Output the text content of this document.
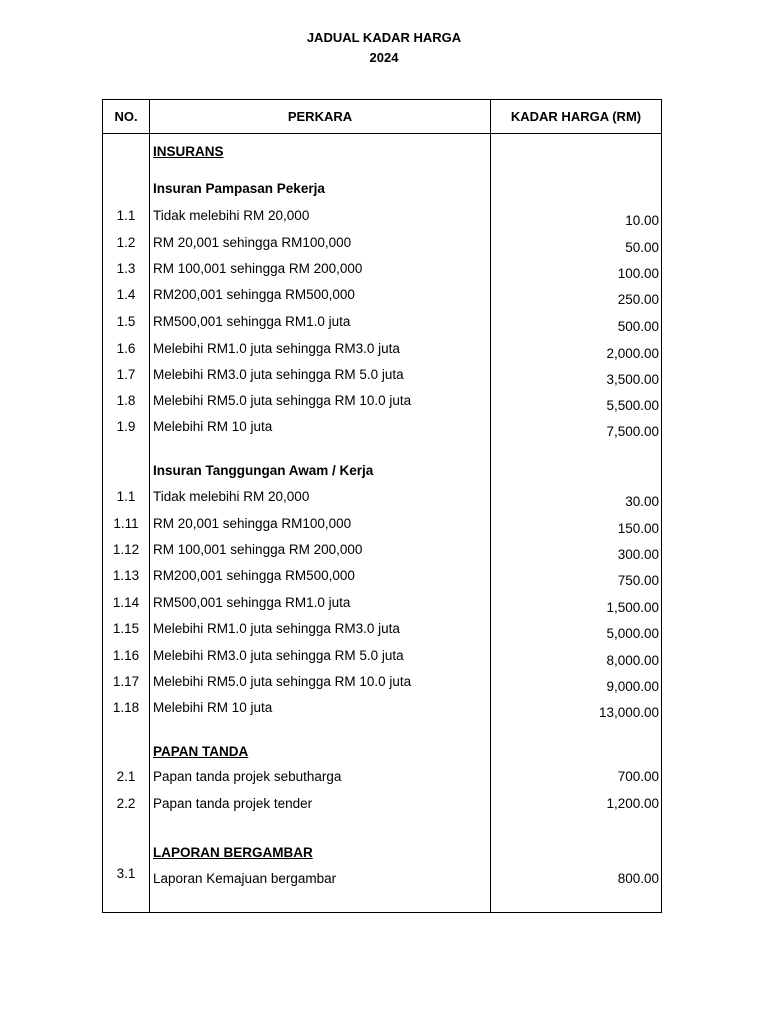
JADUAL KADAR HARGA
2024
NO.	PERKARA	KADAR HARGA (RM)
INSURANS
Insuran Pampasan Pekerja
1.1	Tidak melebihi RM 20,000	10.00
1.2	RM 20,001 sehingga RM100,000	50.00
1.3	RM 100,001 sehingga RM 200,000	100.00
1.4	RM200,001 sehingga RM500,000	250.00
1.5	RM500,001 sehingga RM1.0 juta	500.00
1.6	Melebihi RM1.0 juta sehingga RM3.0 juta	2,000.00
1.7	Melebihi RM3.0 juta sehingga RM 5.0 juta	3,500.00
1.8	Melebihi RM5.0 juta sehingga RM 10.0 juta	5,500.00
1.9	Melebihi RM 10 juta	7,500.00
Insuran Tanggungan Awam / Kerja
1.1	Tidak melebihi RM 20,000	30.00
1.11	RM 20,001 sehingga RM100,000	150.00
1.12	RM 100,001 sehingga RM 200,000	300.00
1.13	RM200,001 sehingga RM500,000	750.00
1.14	RM500,001 sehingga RM1.0 juta	1,500.00
1.15	Melebihi RM1.0 juta sehingga RM3.0 juta	5,000.00
1.16	Melebihi RM3.0 juta sehingga RM 5.0 juta	8,000.00
1.17	Melebihi RM5.0 juta sehingga RM 10.0 juta	9,000.00
1.18	Melebihi RM 10 juta	13,000.00
PAPAN TANDA
2.1	Papan tanda projek sebutharga	700.00
2.2	Papan tanda projek tender	1,200.00
LAPORAN BERGAMBAR
3.1	Laporan Kemajuan bergambar	800.00
